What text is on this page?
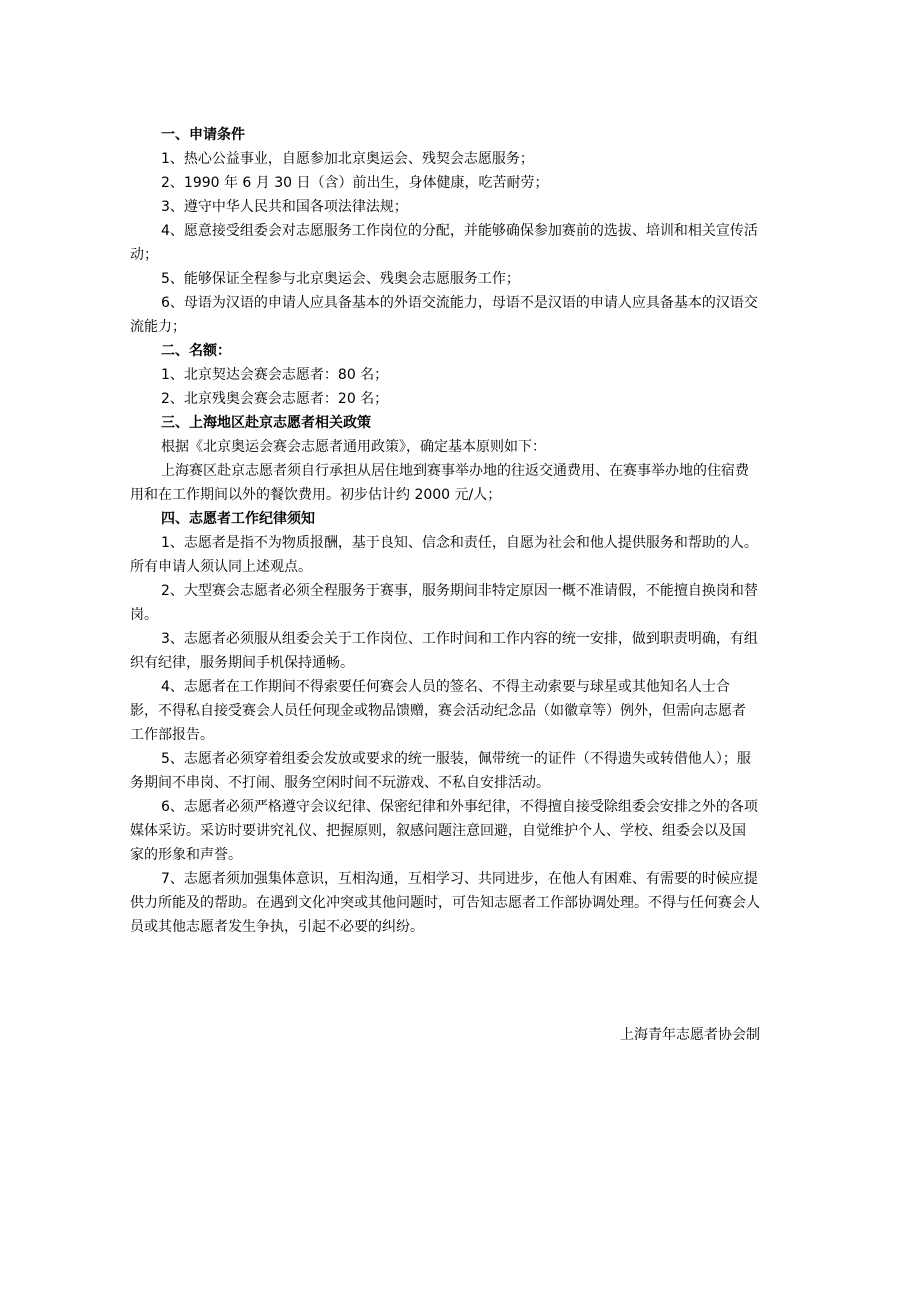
一、申请条件
1、热心公益事业，自愿参加北京奥运会、残契会志愿服务；
2、1990 年 6 月 30 日（含）前出生，身体健康，吃苦耐劳；
3、遵守中华人民共和国各项法律法规；
4、愿意接受组委会对志愿服务工作岗位的分配，并能够确保参加赛前的选拔、培训和相关宣传活
动；
5、能够保证全程参与北京奥运会、残奥会志愿服务工作；
6、母语为汉语的申请人应具备基本的外语交流能力，母语不是汉语的申请人应具备基本的汉语交
流能力；
二、名额：
1、北京契达会赛会志愿者：80 名；
2、北京残奥会赛会志愿者：20 名；
三、上海地区赴京志愿者相关政策
根据《北京奥运会赛会志愿者通用政策》，确定基本原则如下：
上海赛区赴京志愿者须自行承担从居住地到赛事举办地的往返交通费用、在赛事举办地的住宿费
用和在工作期间以外的餐饮费用。初步估计约 2000 元/人；
四、志愿者工作纪律须知
1、志愿者是指不为物质报酬，基于良知、信念和责任，自愿为社会和他人提供服务和帮助的人。
所有申请人须认同上述观点。
2、大型赛会志愿者必须全程服务于赛事，服务期间非特定原因一概不准请假，不能擅自换岗和替
岗。
3、志愿者必须服从组委会关于工作岗位、工作时间和工作内容的统一安排，做到职责明确，有组
织有纪律，服务期间手机保持通畅。
4、志愿者在工作期间不得索要任何赛会人员的签名、不得主动索要与球星或其他知名人士合
影，不得私自接受赛会人员任何现金或物品馈赠，赛会活动纪念品（如徽章等）例外，但需向志愿者
工作部报告。
5、志愿者必须穿着组委会发放或要求的统一服装，佩带统一的证件（不得遗失或转借他人）；服
务期间不串岗、不打闹、服务空闲时间不玩游戏、不私自安排活动。
6、志愿者必须严格遵守会议纪律、保密纪律和外事纪律，不得擅自接受除组委会安排之外的各项
媒体采访。采访时要讲究礼仪、把握原则，叙感问题注意回避，自觉维护个人、学校、组委会以及国
家的形象和声誉。
7、志愿者须加强集体意识，互相沟通，互相学习、共同进步，在他人有困难、有需要的时候应提
供力所能及的帮助。在遇到文化冲突或其他问题时，可告知志愿者工作部协调处理。不得与任何赛会人
员或其他志愿者发生争执，引起不必要的纠纷。
上海青年志愿者协会制
